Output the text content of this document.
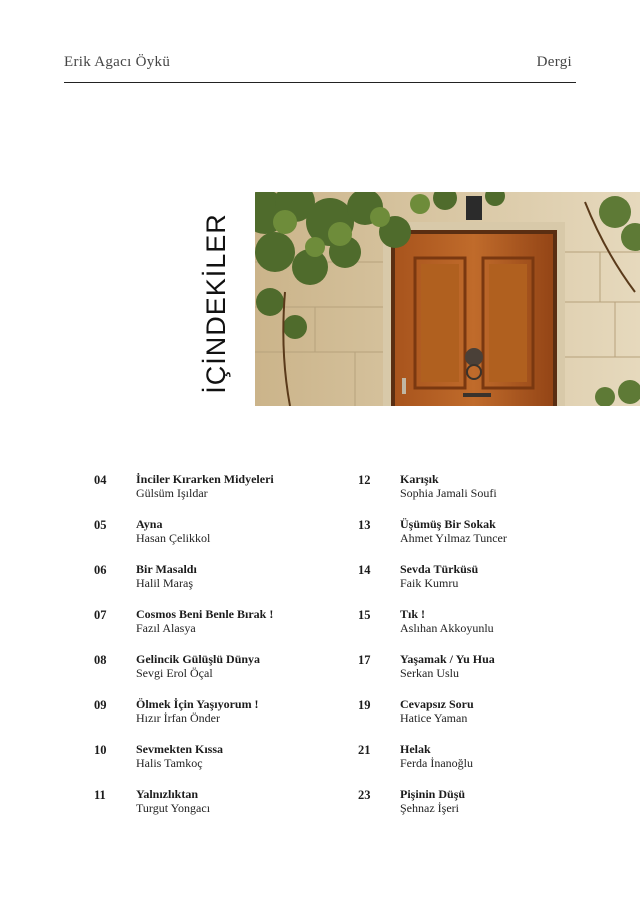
Erik Agacı Öykü	Dergi
İÇİNDEKİLER
04	İnciler Kırarken Midyeleri
Gülsüm Işıldar
05	Ayna
Hasan Çelikkol
06	Bir Masaldı
Halil Maraş
07	Cosmos Beni Benle Bırak !
Fazıl Alasya
08	Gelincik Gülüşlü Dünya
Sevgi Erol Öçal
09	Ölmek İçin Yaşıyorum !
Hızır İrfan Önder
10	Sevmekten Kıssa
Halis Tamkoç
11	Yalnızlıktan
Turgut Yongacı
12	Karışık
Sophia Jamali Soufi
13	Üşümüş Bir Sokak
Ahmet Yılmaz Tuncer
14	Sevda Türküsü
Faik Kumru
15	Tık !
Aslıhan Akkoyunlu
17	Yaşamak / Yu Hua
Serkan Uslu
19	Cevapsız Soru
Hatice Yaman
21	Helak
Ferda İnanoğlu
23	Pişinin Düşü
Şehnaz İşeri
